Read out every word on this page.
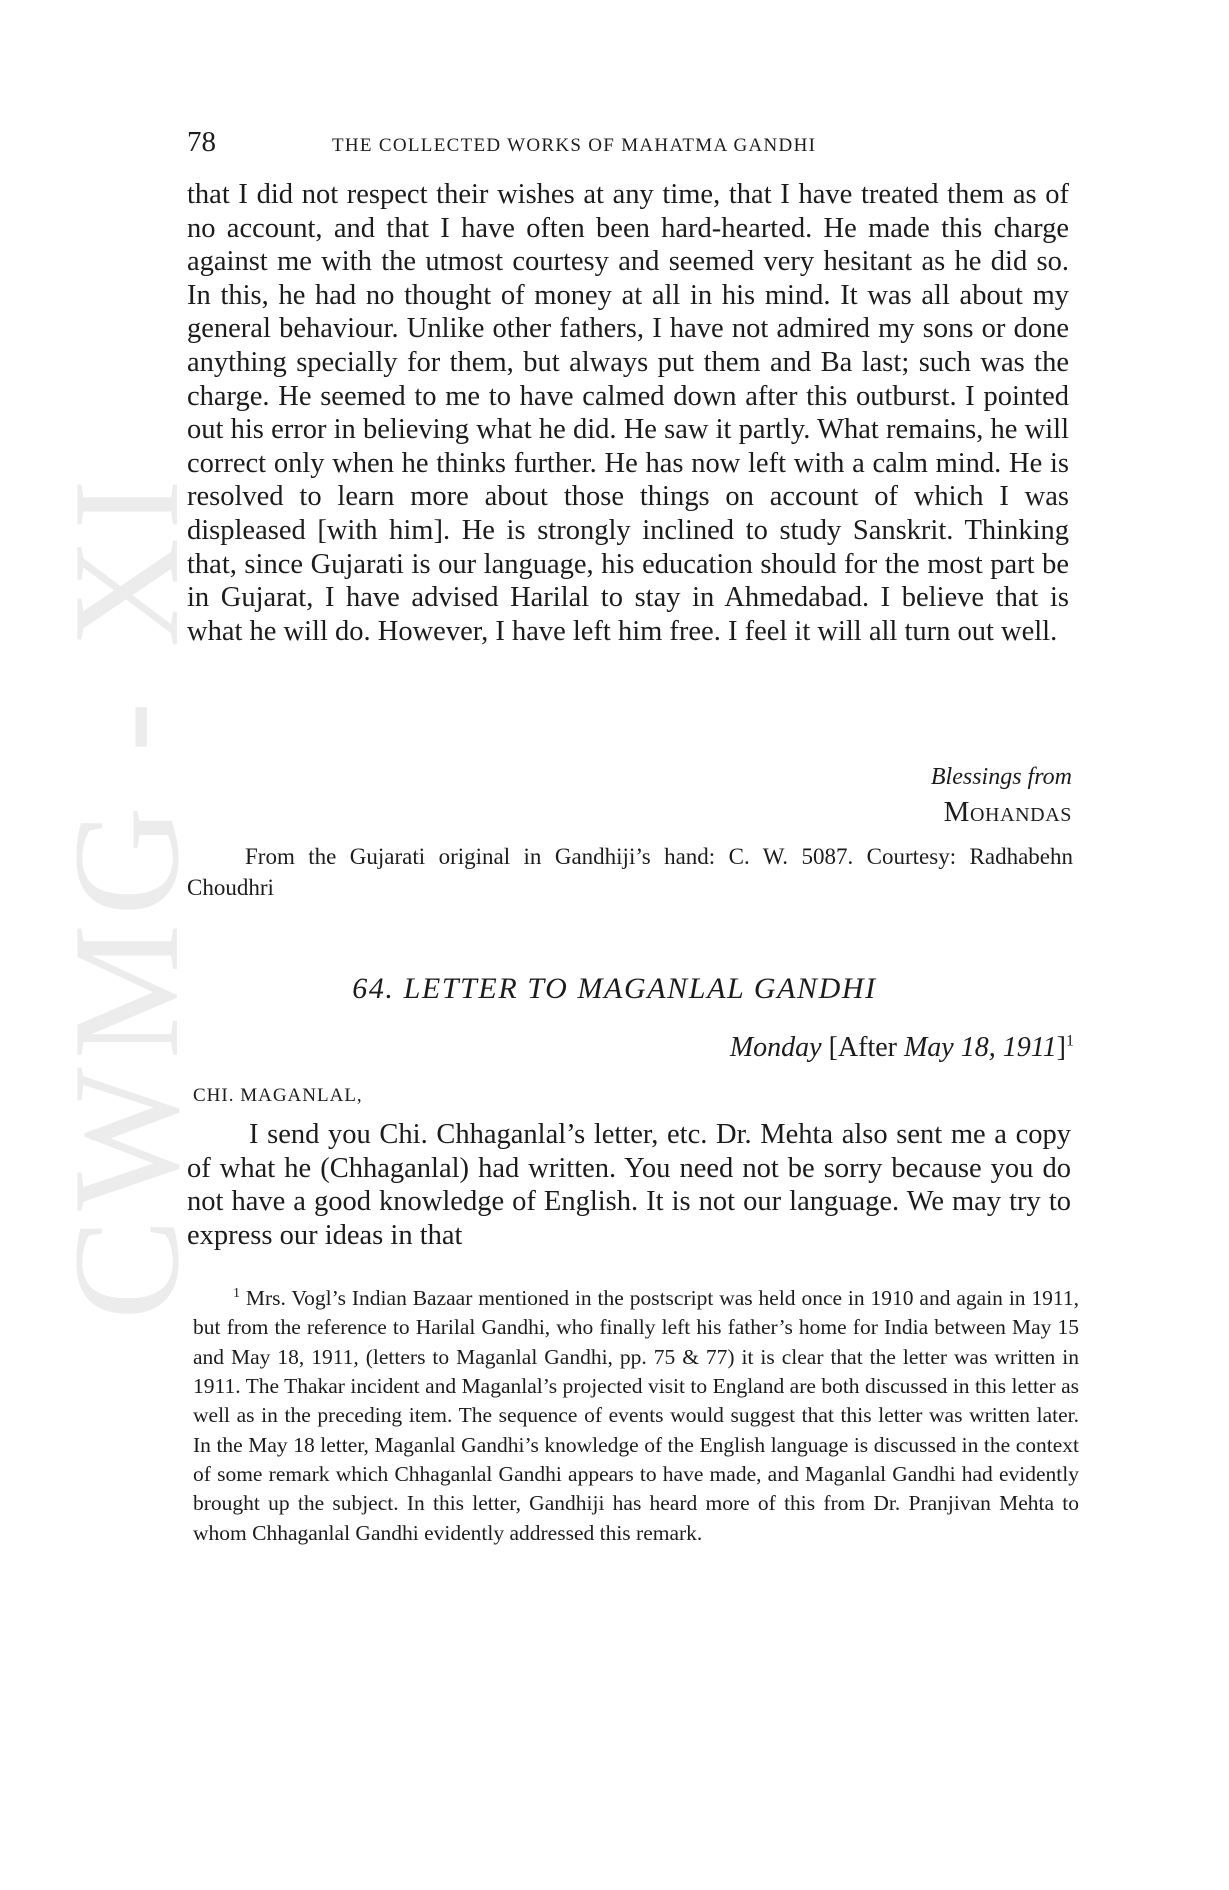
CWMG - XI
78	THE COLLECTED WORKS OF MAHATMA GANDHI

that I did not respect their wishes at any time, that I have treated them as of no account, and that I have often been hard-hearted. He made this charge against me with the utmost courtesy and seemed very hesitant as he did so. In this, he had no thought of money at all in his mind. It was all about my general behaviour. Unlike other fathers, I have not admired my sons or done anything specially for them, but always put them and Ba last; such was the charge. He seemed to me to have calmed down after this outburst. I pointed out his error in believing what he did. He saw it partly. What remains, he will correct only when he thinks further. He has now left with a calm mind. He is resolved to learn more about those things on account of which I was displeased [with him]. He is strongly inclined to study Sanskrit. Thinking that, since Gujarati is our language, his education should for the most part be in Gujarat, I have advised Harilal to stay in Ahmedabad. I believe that is what he will do. However, I have left him free. I feel it will all turn out well.

Blessings from
Mohandas

From the Gujarati original in Gandhiji’s hand: C. W. 5087. Courtesy: Radhabehn Choudhri

64. LETTER TO MAGANLAL GANDHI
Monday [After May 18, 1911]$^1$
CHI. MAGANLAL,

I send you Chi. Chhaganlal’s letter, etc. Dr. Mehta also sent me a copy of what he (Chhaganlal) had written. You need not be sorry because you do not have a good knowledge of English. It is not our language. We may try to express our ideas in that

$^1$ Mrs. Vogl’s Indian Bazaar mentioned in the postscript was held once in 1910 and again in 1911, but from the reference to Harilal Gandhi, who finally left his father’s home for India between May 15 and May 18, 1911, (letters to Maganlal Gandhi, pp. 75 & 77) it is clear that the letter was written in 1911. The Thakar incident and Maganlal’s projected visit to England are both discussed in this letter as well as in the preceding item. The sequence of events would suggest that this letter was written later. In the May 18 letter, Maganlal Gandhi’s knowledge of the English language is discussed in the context of some remark which Chhaganlal Gandhi appears to have made, and Maganlal Gandhi had evidently brought up the subject. In this letter, Gandhiji has heard more of this from Dr. Pranjivan Mehta to whom Chhaganlal Gandhi evidently addressed this remark.
